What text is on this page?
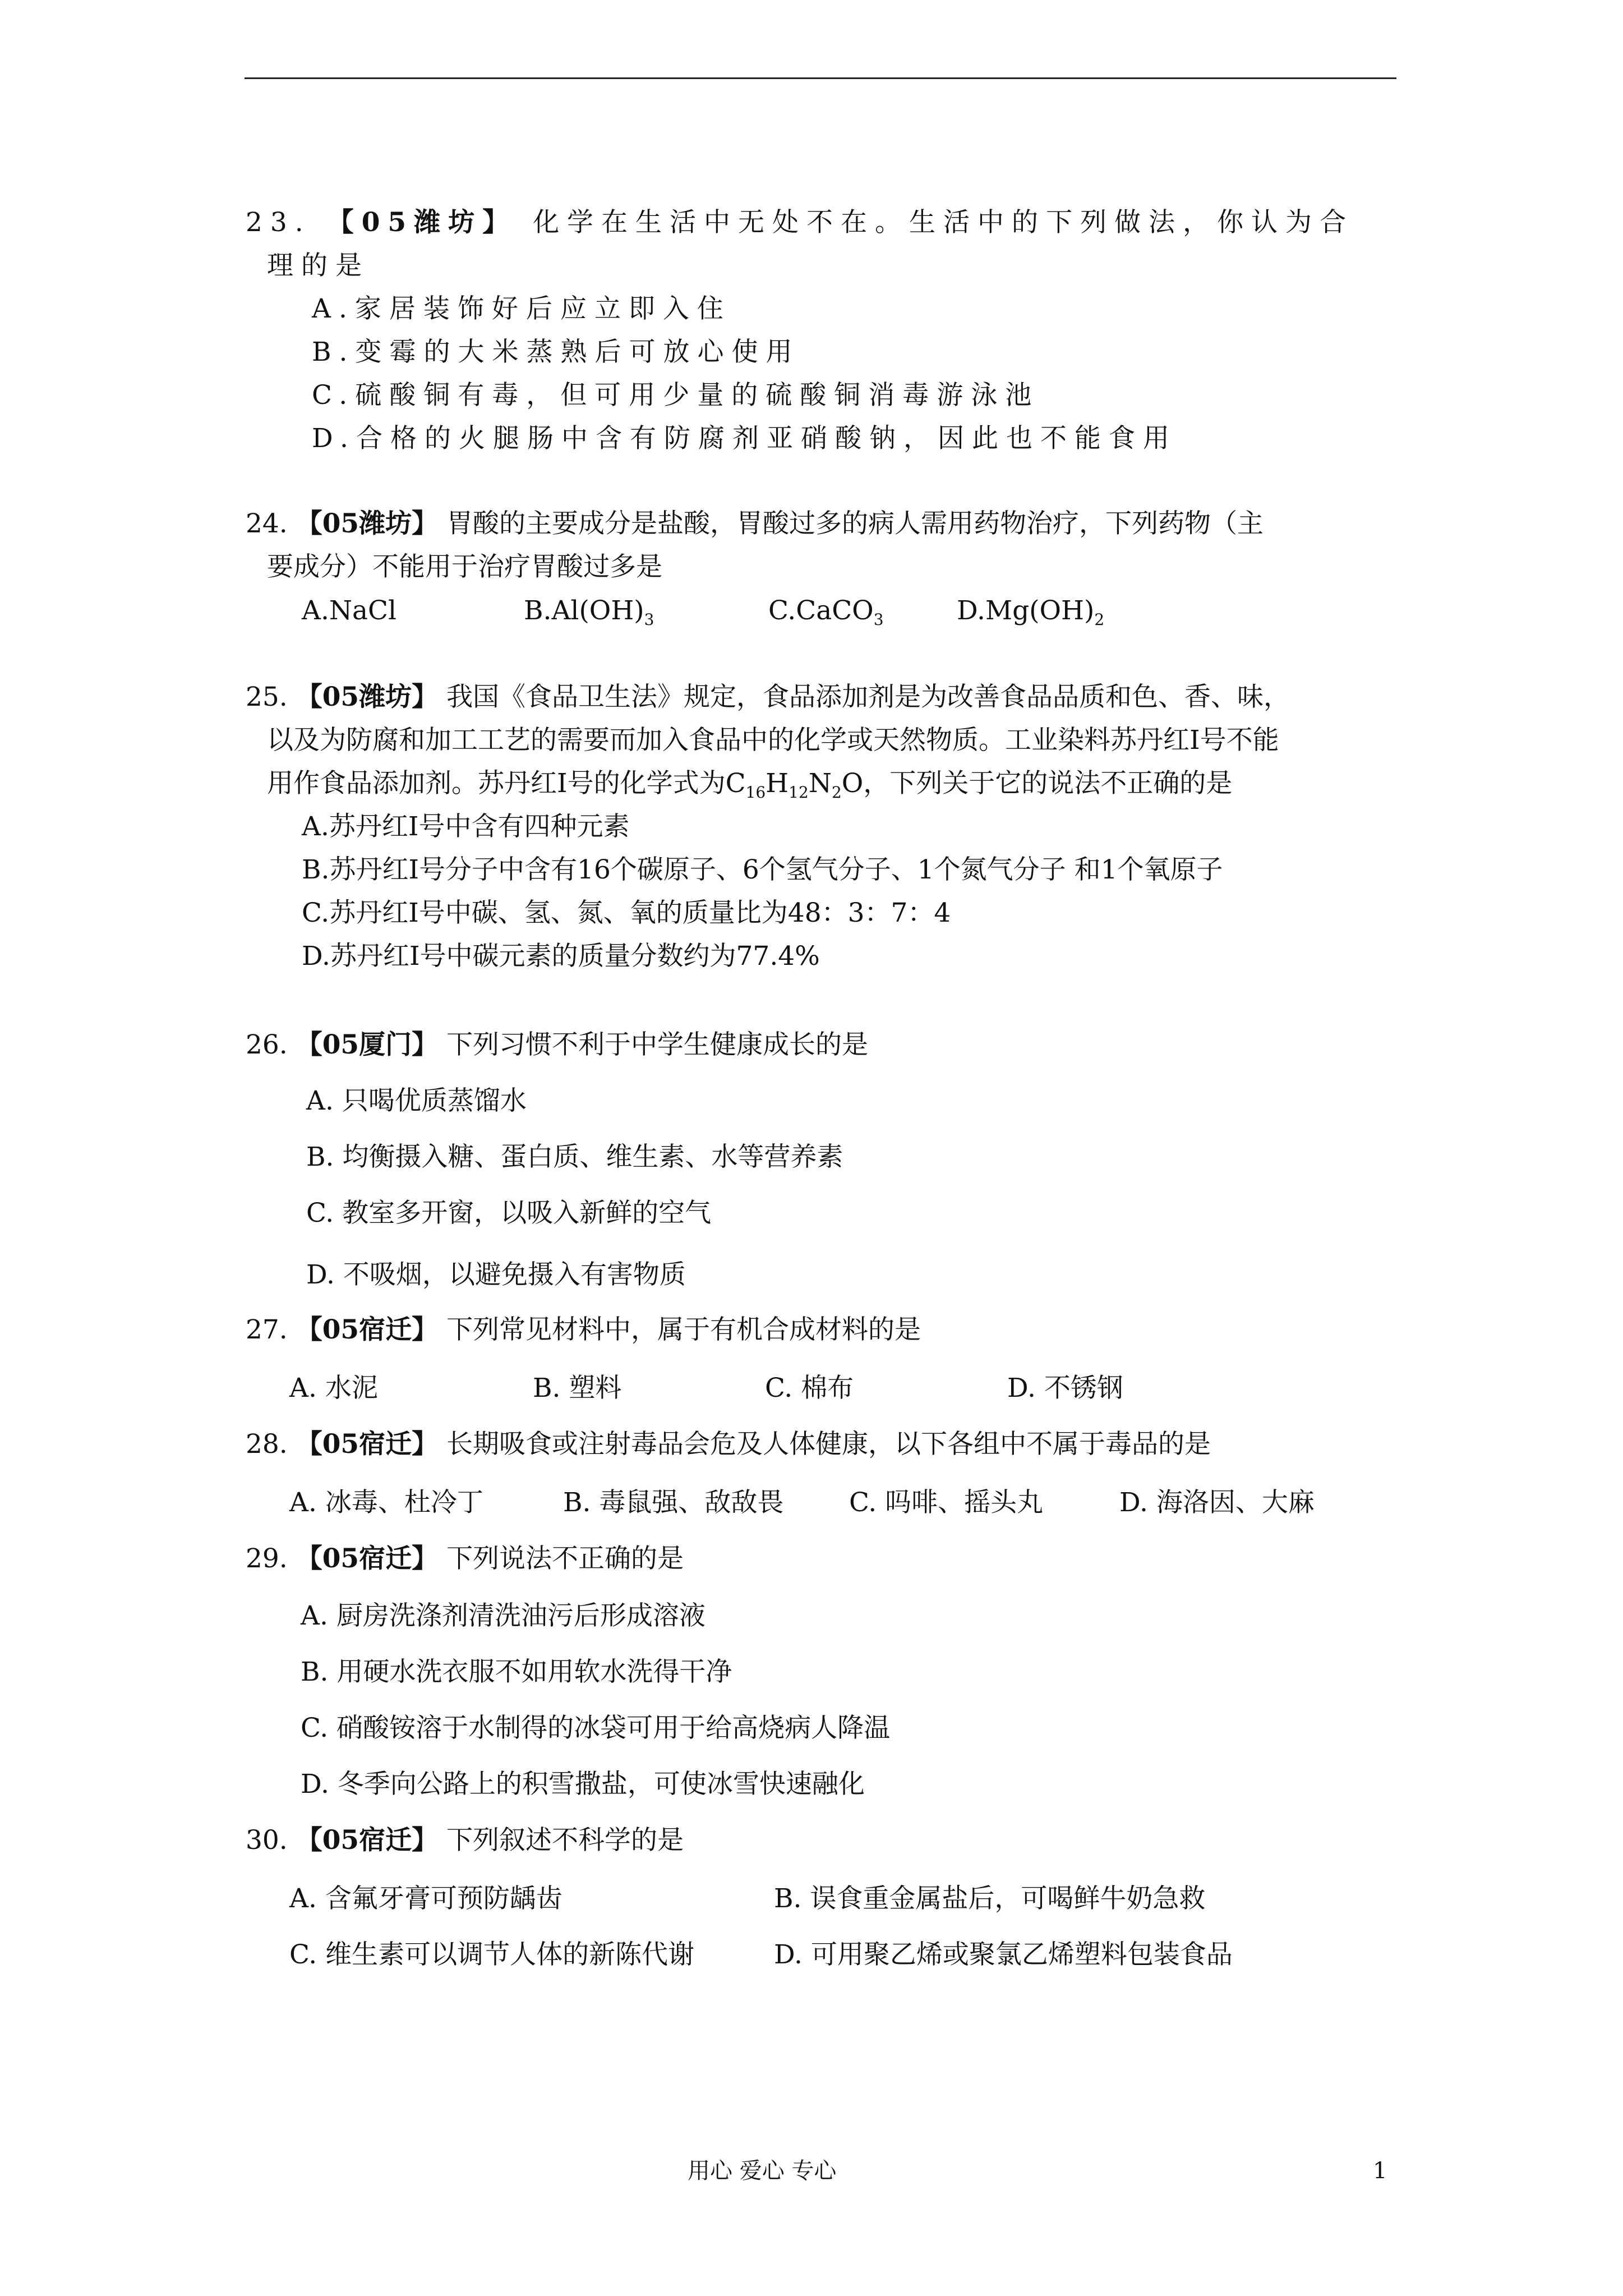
23. 【05潍坊】 化学在生活中无处不在。生活中的下列做法，你认为合
理的是
A.家居装饰好后应立即入住
B.变霉的大米蒸熟后可放心使用
C.硫酸铜有毒，但可用少量的硫酸铜消毒游泳池
D.合格的火腿肠中含有防腐剂亚硝酸钠，因此也不能食用
24. 【05潍坊】 胃酸的主要成分是盐酸，胃酸过多的病人需用药物治疗，下列药物（主
要成分）不能用于治疗胃酸过多是
A.NaCl	$B.Al(OH)_3$	C.CaCO$_3$	$D.Mg(OH)_2$
25. 【05潍坊】 我国《食品卫生法》规定，食品添加剂是为改善食品品质和色、香、味，
以及为防腐和加工工艺的需要而加入食品中的化学或天然物质。工业染料苏丹红Ⅰ号不能
用作食品添加剂。苏丹红Ⅰ号的化学式为$C_{16}H_{12}N_2O$，下列关于它的说法不正确的是
A.苏丹红Ⅰ号中含有四种元素
B.苏丹红Ⅰ号分子中含有16个碳原子、6个氢气分子、1个氮气分子 和1个氧原子
C.苏丹红Ⅰ号中碳、氢、氮、氧的质量比为48：3：7：4
D.苏丹红Ⅰ号中碳元素的质量分数约为77.4%
26. 【05厦门】 下列习惯不利于中学生健康成长的是
A. 只喝优质蒸馏水
B. 均衡摄入糖、蛋白质、维生素、水等营养素
C. 教室多开窗，以吸入新鲜的空气
D. 不吸烟，以避免摄入有害物质
27. 【05宿迁】 下列常见材料中，属于有机合成材料的是
A. 水泥	B. 塑料	C. 棉布	D. 不锈钢
28. 【05宿迁】 长期吸食或注射毒品会危及人体健康，以下各组中不属于毒品的是
A. 冰毒、杜冷丁	B. 毒鼠强、敌敌畏 C. 吗啡、摇头丸	D. 海洛因、大麻
29. 【05宿迁】 下列说法不正确的是
A. 厨房洗涤剂清洗油污后形成溶液
B. 用硬水洗衣服不如用软水洗得干净
C. 硝酸铵溶于水制得的冰袋可用于给高烧病人降温
D. 冬季向公路上的积雪撒盐，可使冰雪快速融化
30. 【05宿迁】 下列叙述不科学的是
A. 含氟牙膏可预防龋齿	B. 误食重金属盐后，可喝鲜牛奶急救
C. 维生素可以调节人体的新陈代谢	D. 可用聚乙烯或聚氯乙烯塑料包装食品
用心 爱心 专心	1
